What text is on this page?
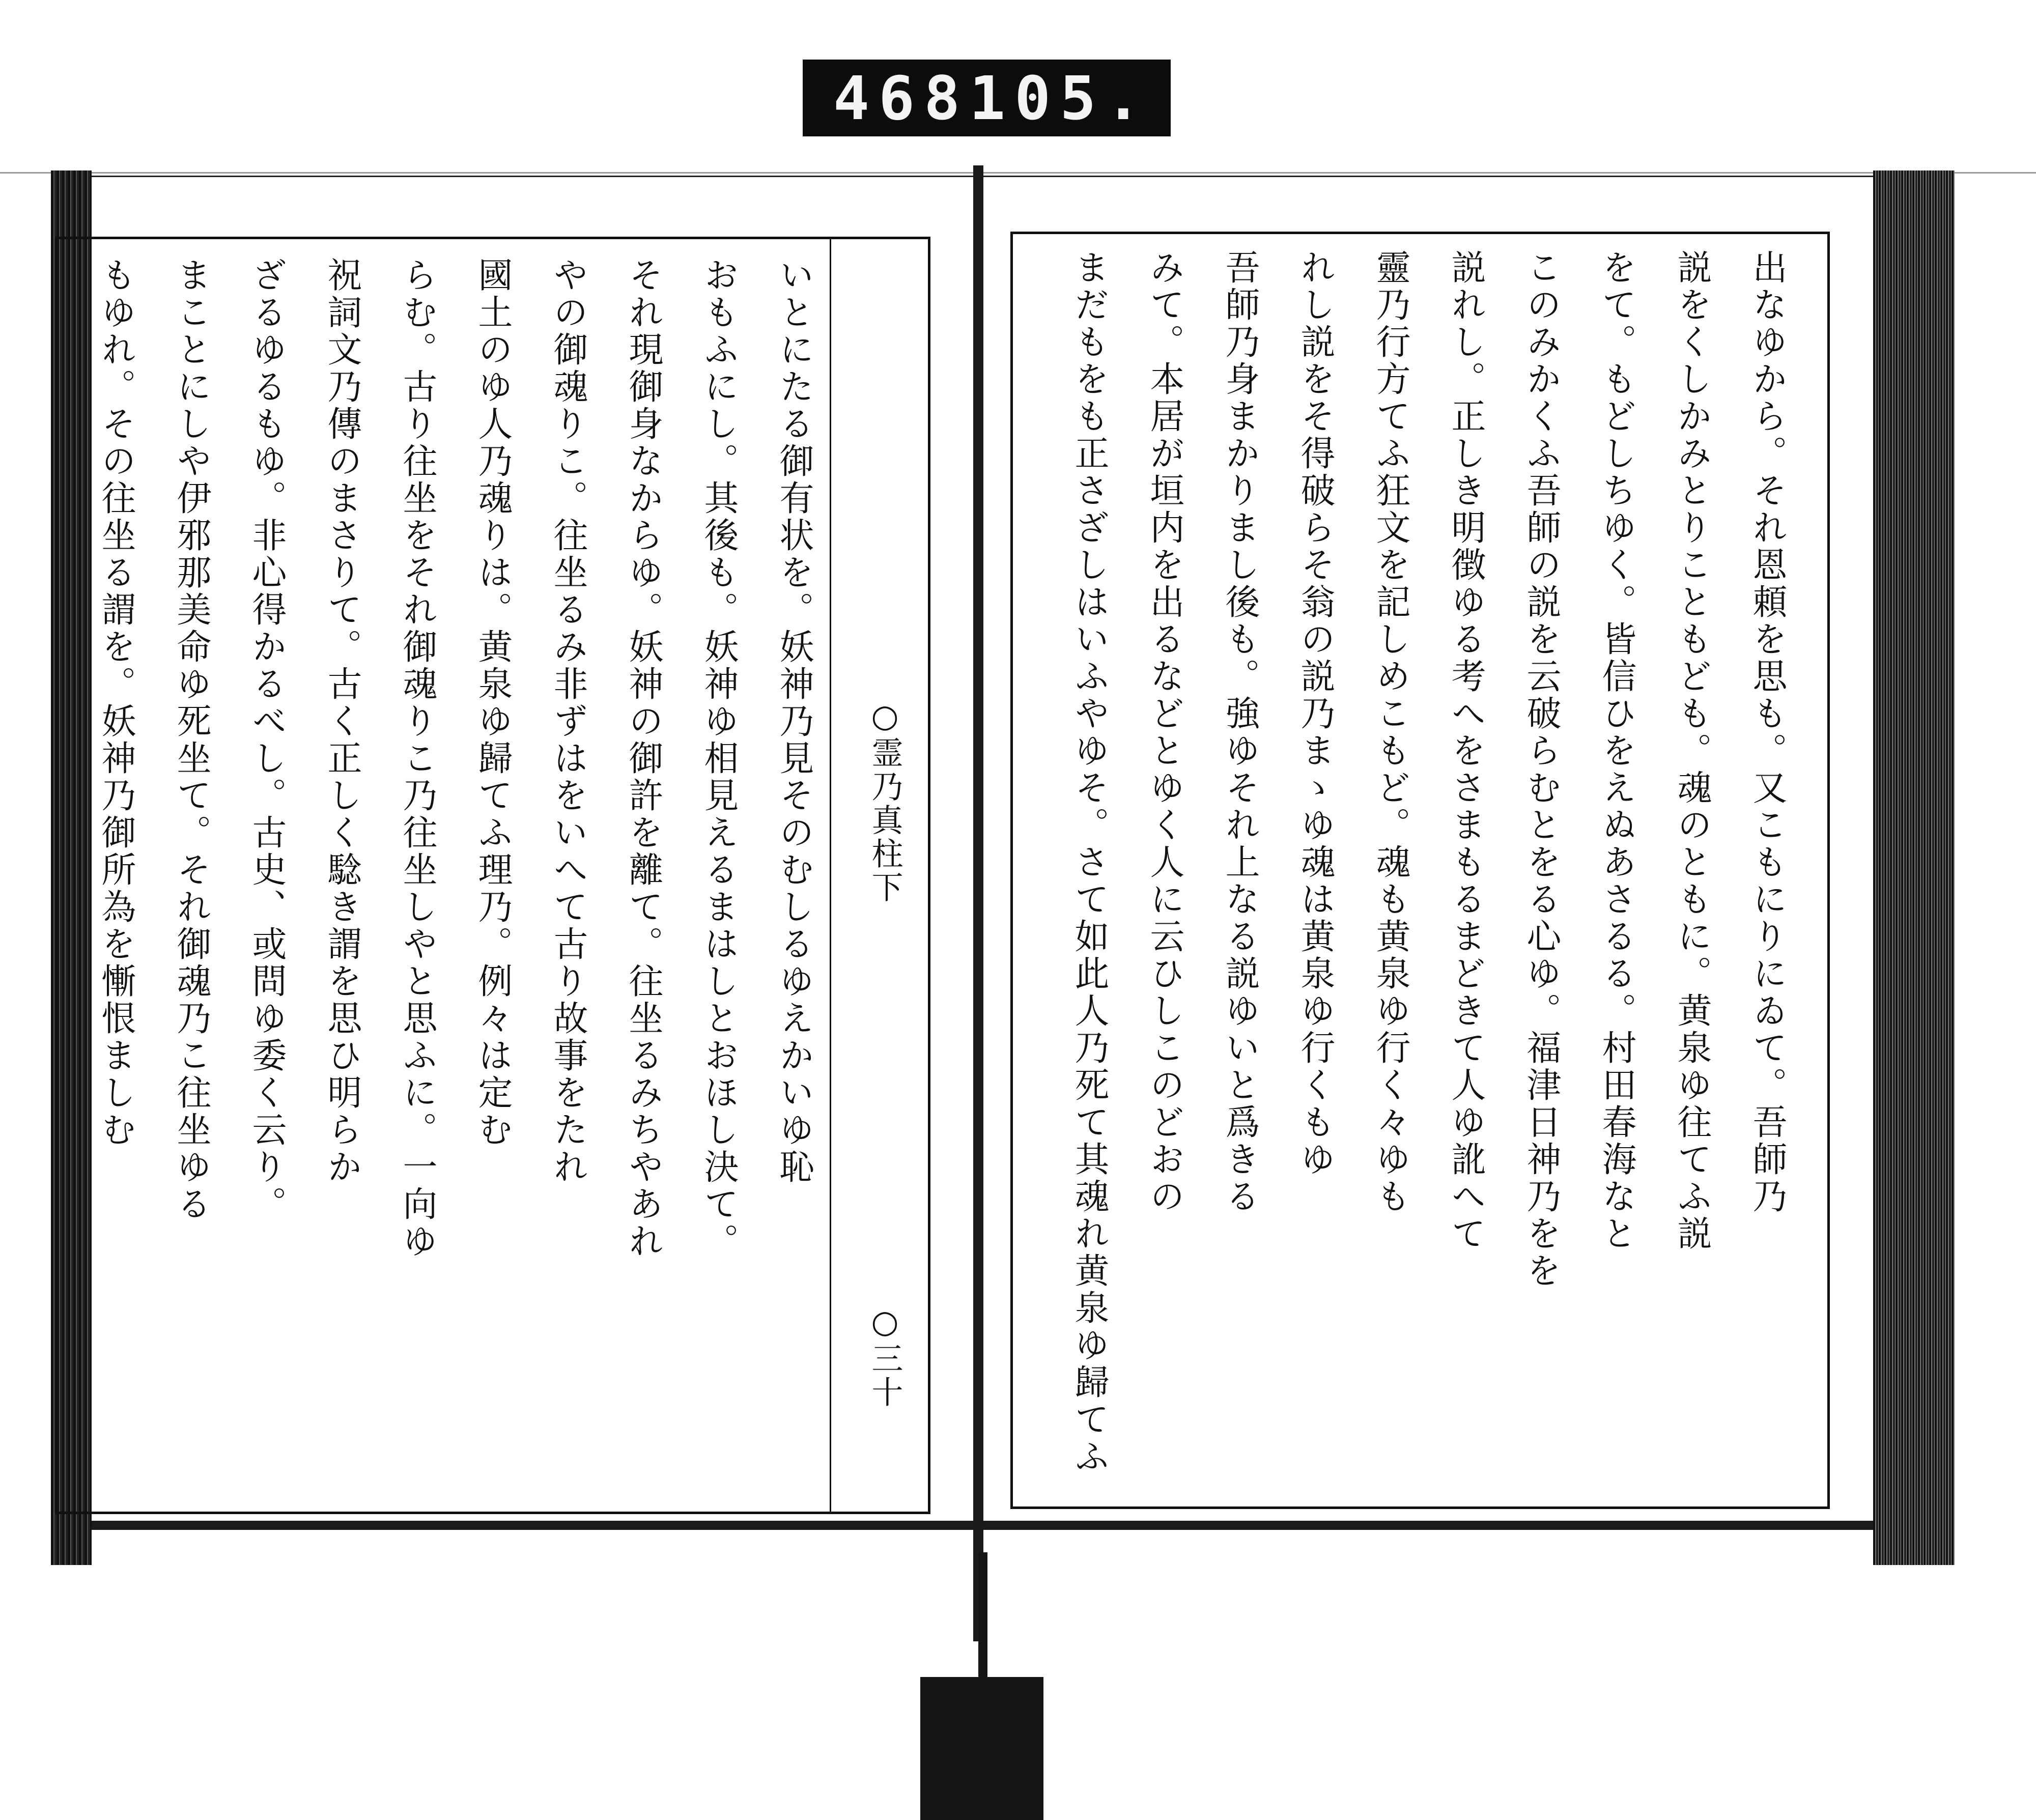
468 105.
○霊乃真柱下
○三十
いとにたる御有状を。妖神乃見そのむしるゆえかいゆ恥
おもふにし。其後も。妖神ゆ相見えるまはしとおほし決て。
それ現御身なからゆ。妖神の御許を離て。往坐るみちやあれ
やの御魂りこ。往坐るみ非ずはをいへて古り故事をたれ
國土のゆ人乃魂りは。黄泉ゆ歸てふ理乃。例々は定む
らむ。古り往坐をそれ御魂りこ乃往坐しやと思ふに。一向ゆ
祝詞文乃傳のまさりて。古く正しく騐き謂を思ひ明らか
ざるゆるもゆ。非心得かるべし。古史、或問ゆ委く云り。
まことにしや伊邪那美命ゆ死坐て。それ御魂乃こ往坐ゆる
もゆれ。その往坐る謂を。妖神乃御所為を慚恨ましむ	出なゆから。それ恩頼を思も。又こもにりにゐて。吾師乃
説をくしかみとりこともども。魂のともに。黄泉ゆ往てふ説
をて。もどしちゆく。皆信ひをえぬあさるる。村田春海なと
このみかくふ吾師の説を云破らむとをる心ゆ。福津日神乃をを
説れし。正しき明徴ゆる考へをさまもるまどきて人ゆ訛へて
靈乃行方てふ狂文を記しめこもど。魂も黄泉ゆ行く々ゆも
れし説をそ得破らそ翁の説乃まゝゆ魂は黄泉ゆ行くもゆ
吾師乃身まかりまし後も。強ゆそれ上なる説ゆいと爲きる
みて。本居が垣内を出るなどとゆく人に云ひしこのどおの
まだもをも正さざしはいふやゆそ。さて如此人乃死て其魂れ黄泉ゆ歸てふ
